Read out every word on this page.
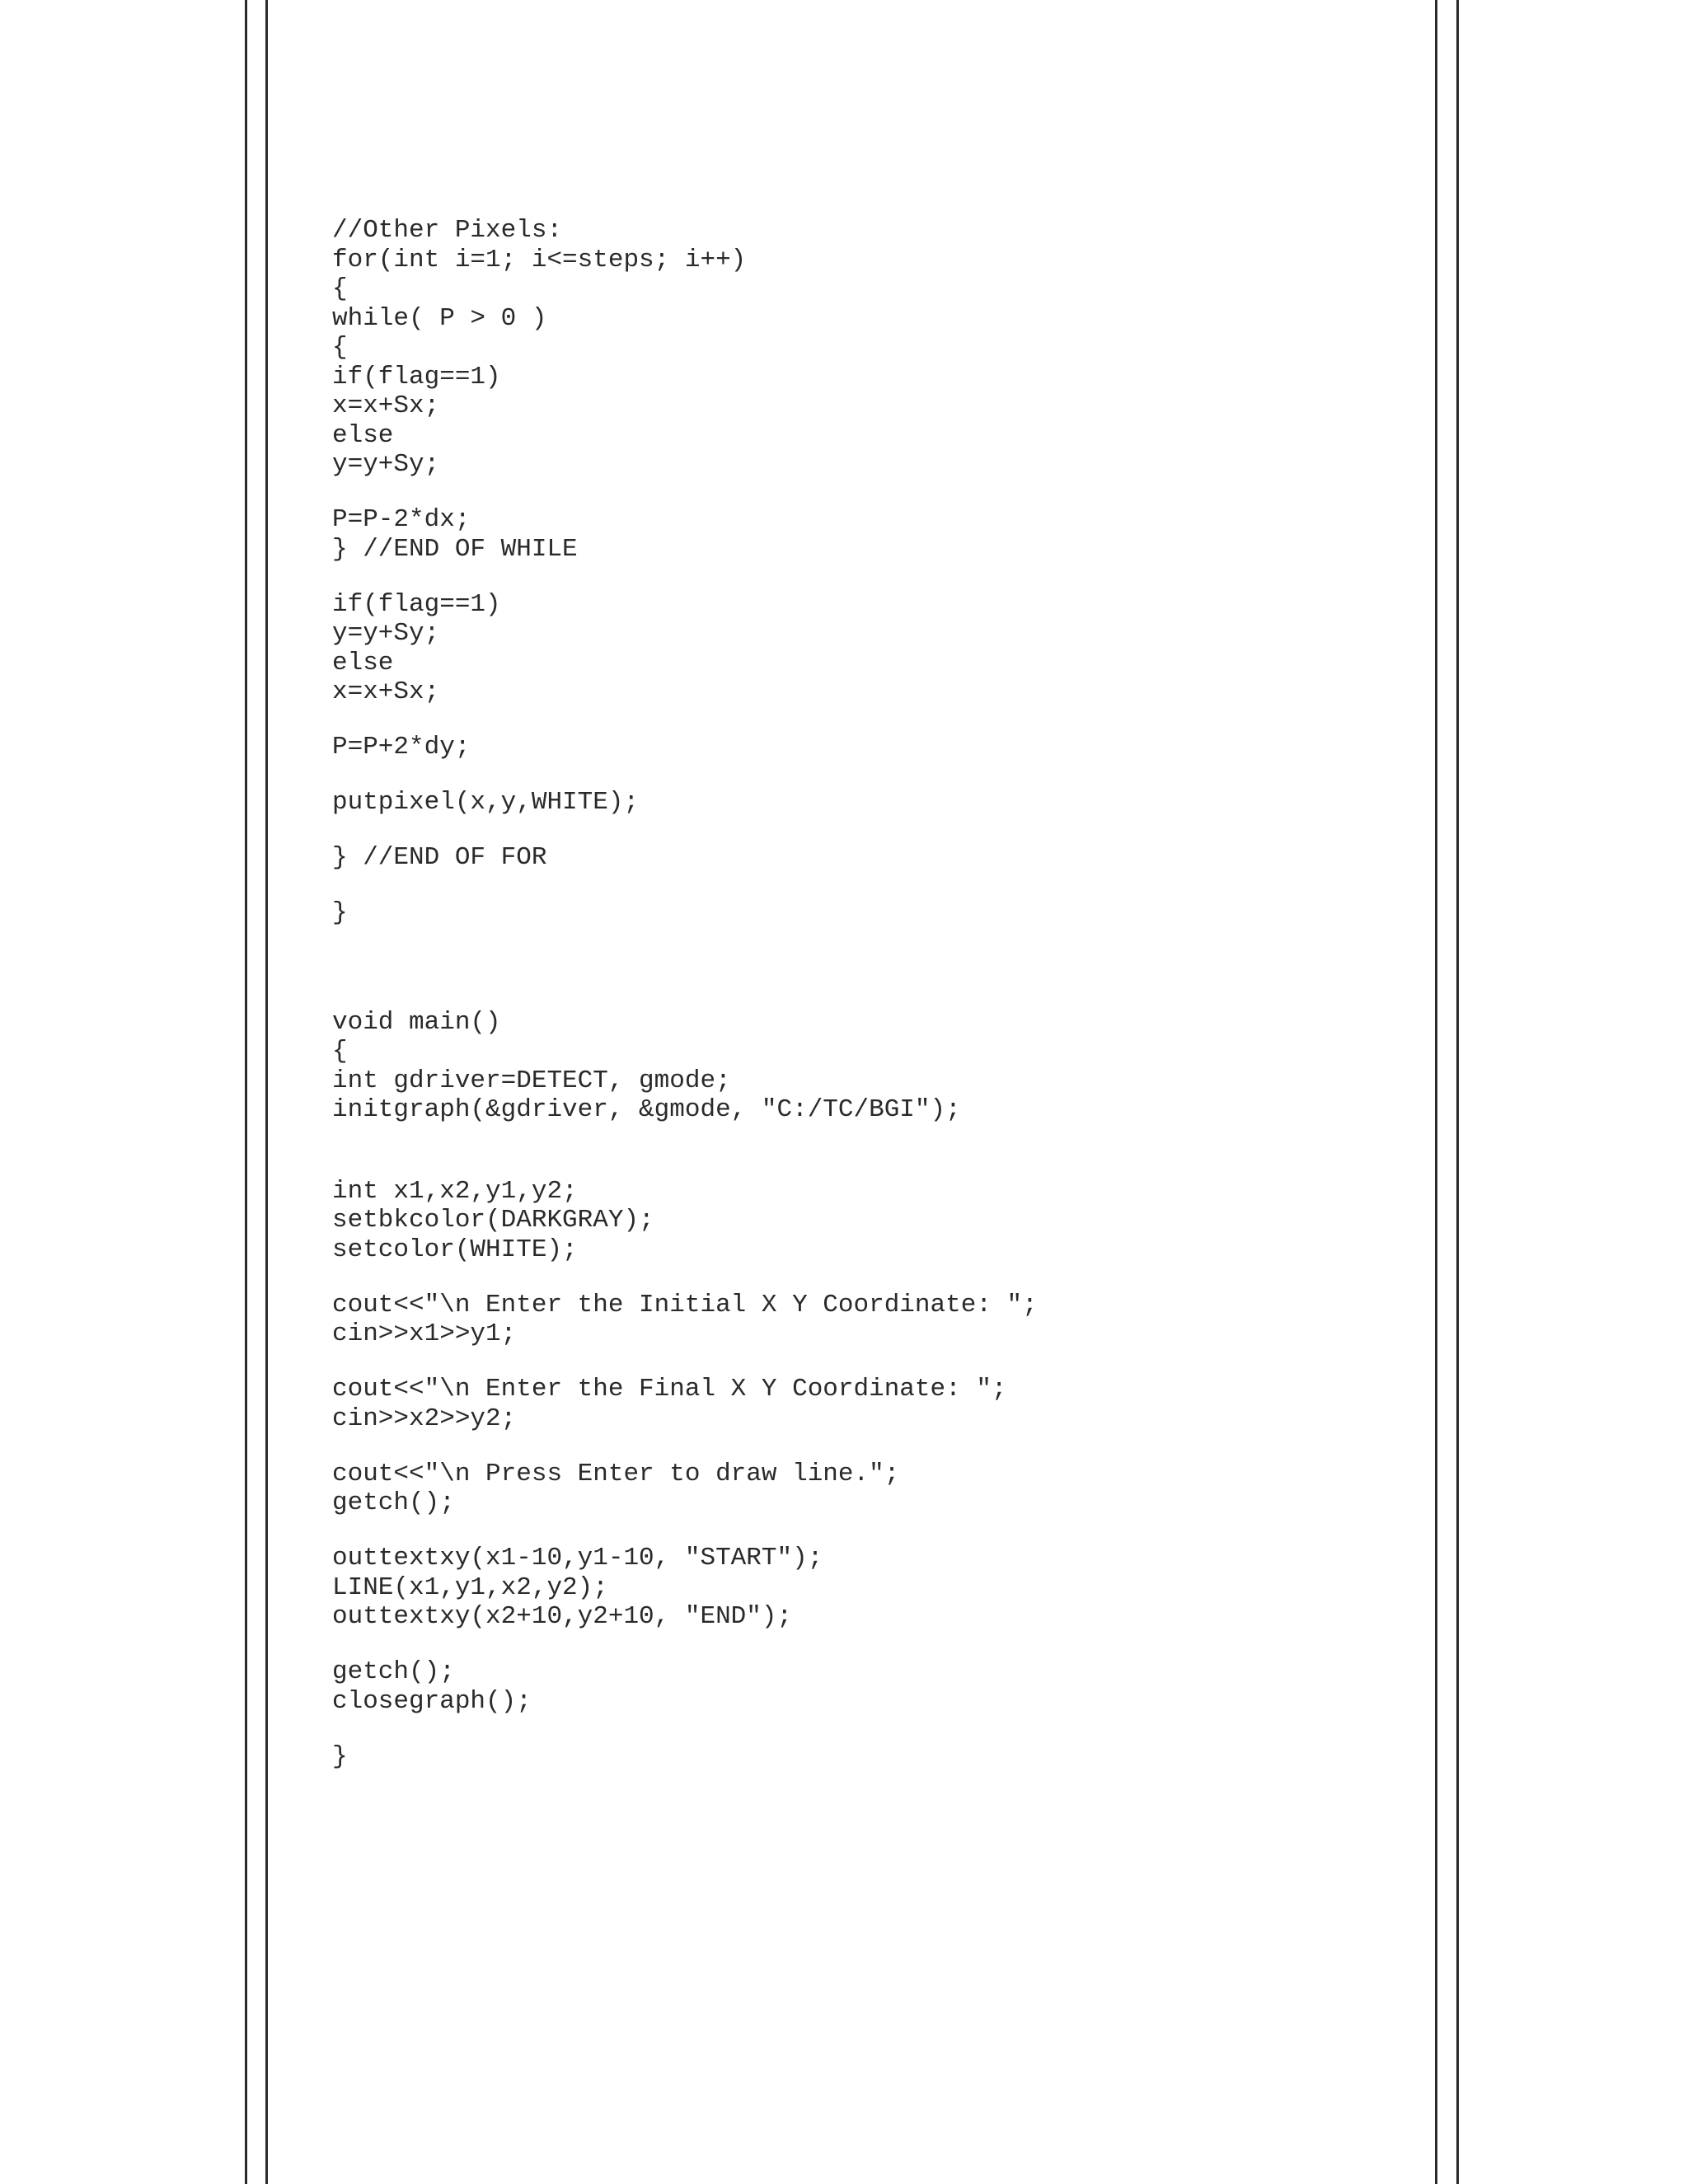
//Other Pixels:
for(int i=1; i<=steps; i++)
{
while( P > 0 )
{
if(flag==1)
x=x+Sx;
else
y=y+Sy;
P=P-2*dx;
} //END OF WHILE
if(flag==1)
y=y+Sy;
else
x=x+Sx;
P=P+2*dy;
putpixel(x,y,WHITE);
} //END OF FOR
}
void main()
{
int gdriver=DETECT, gmode;
initgraph(&gdriver, &gmode, "C:/TC/BGI");
int x1,x2,y1,y2;
setbkcolor(DARKGRAY);
setcolor(WHITE);
cout<<"\n Enter the Initial X Y Coordinate: ";
cin>>x1>>y1;
cout<<"\n Enter the Final X Y Coordinate: ";
cin>>x2>>y2;
cout<<"\n Press Enter to draw line.";
getch();
outtextxy(x1-10,y1-10, "START");
LINE(x1,y1,x2,y2);
outtextxy(x2+10,y2+10, "END");
getch();
closegraph();
}
